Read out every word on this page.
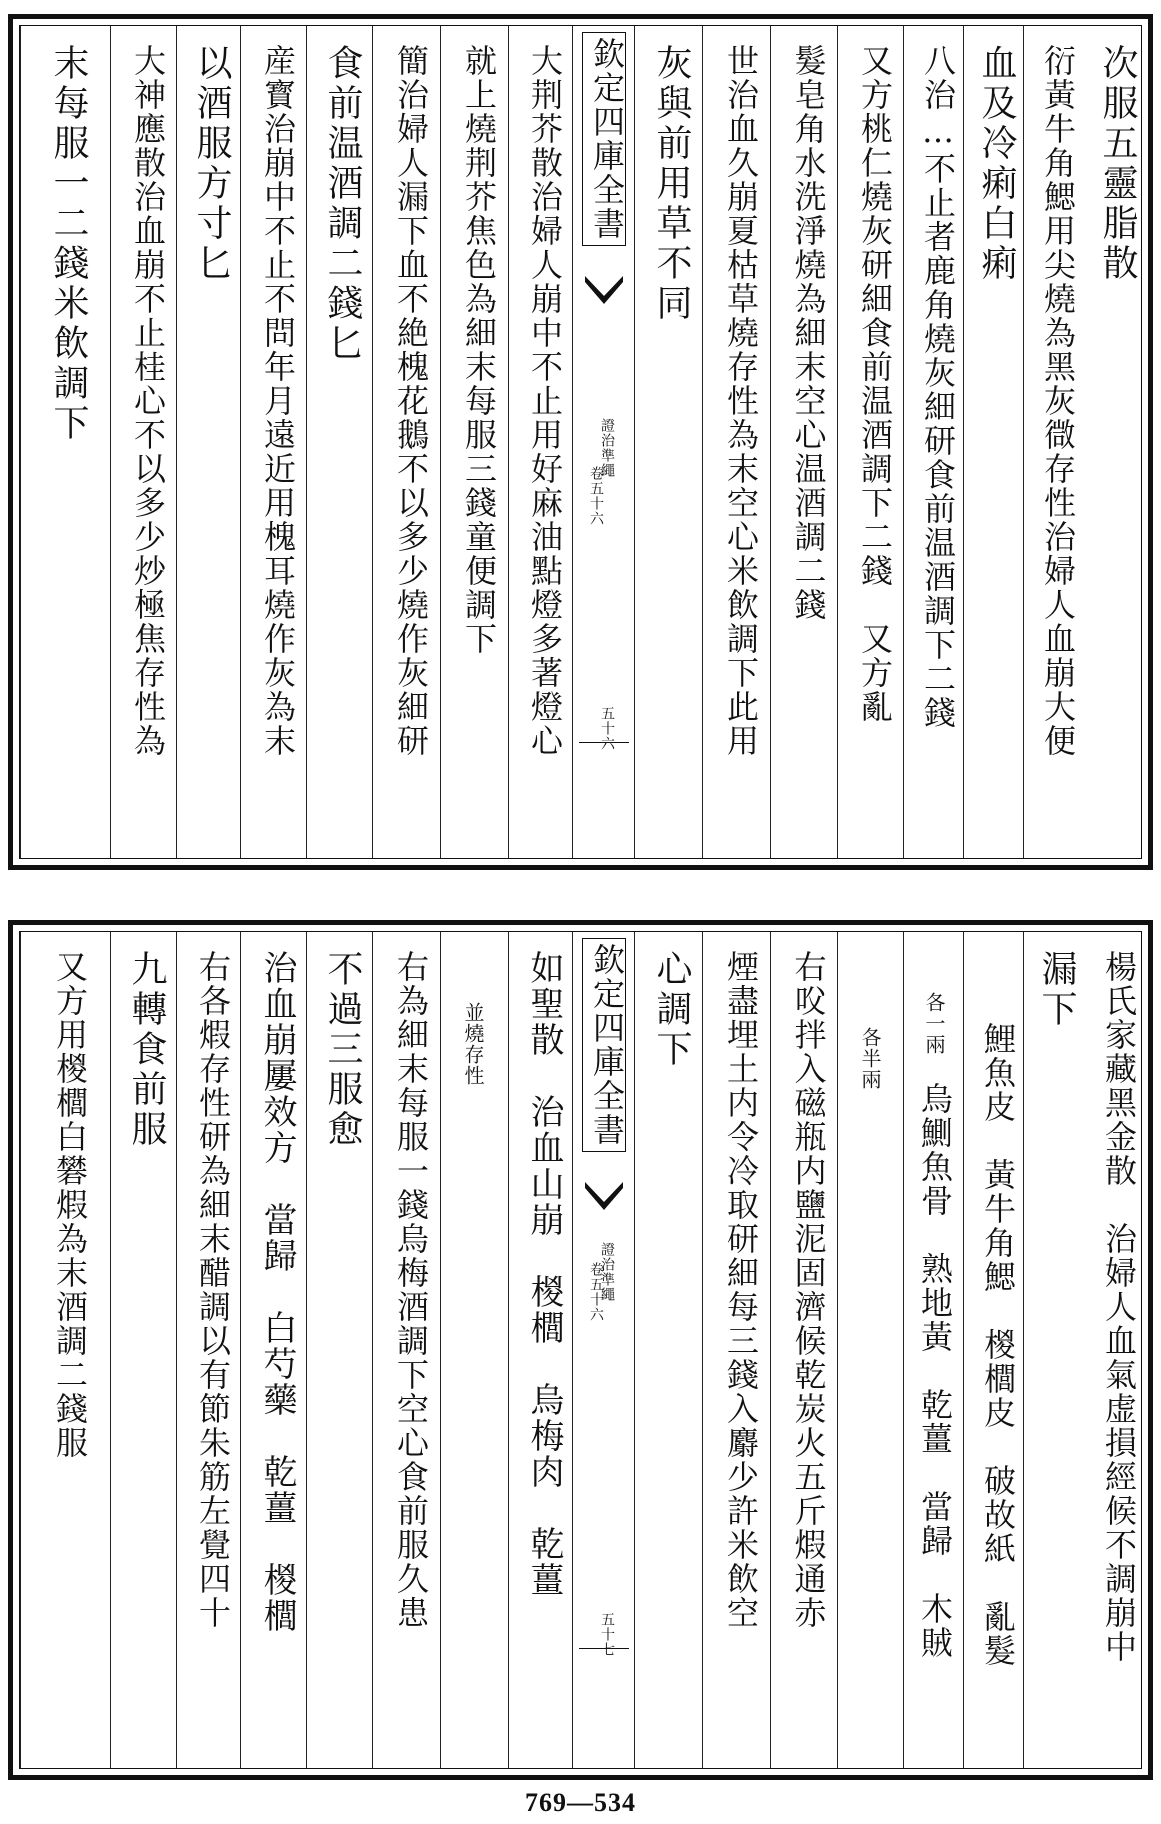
次服五靈脂散
衍黃牛角鰓用尖燒為黑灰㣲存性治婦人血崩大便
血及冷痢白痢
八治…不止者鹿角燒灰細研食前温酒調下二錢
又方桃仁燒灰研細食前温酒調下二錢　又方亂
髮皂角水洗淨燒為細末空心温酒調二錢
世治血久崩夏枯草燒存性為末空心米飲調下此用
灰與前用草不同
欽定四庫全書
證治準繩
卷五十六
五十六
大荆芥散治婦人崩中不止用好麻油點燈多著燈心
就上燒荆芥焦色為細末每服三錢童便調下
簡治婦人漏下血不絶槐花鵝不以多少燒作灰細研
食前温酒調二錢匕
産寳治崩中不止不問年月遠近用槐耳燒作灰為末
以酒服方寸匕
大神應散治血崩不止桂心不以多少炒極焦存性為
末每服一二錢米飲調下
楊氏家藏黑金散　治婦人血氣虚損經候不調崩中
漏下
鯉魚皮　黃牛角鰓　椶櫚皮　破故紙　亂髮
各一兩
烏鰂魚骨　熟地黃　乾薑　當歸　木賊
各半兩
右㕮拌入磁瓶内鹽泥固濟候乾炭火五斤煆通赤
煙盡埋土内令冷取研細每三錢入麝少許米飲空
心調下
欽定四庫全書
證治準繩
卷五十六
五十七
如聖散　治血山崩　椶櫚　烏梅肉　乾薑
並燒存性
右為細末每服一錢烏梅酒調下空心食前服久患
不過三服愈
治血崩屢效方　當歸　白芍藥　乾薑　椶櫚
右各煆存性研為細末醋調以有節朱筋左覺四十
九轉食前服
又方用椶櫚白礬煆為末酒調二錢服
769—534
